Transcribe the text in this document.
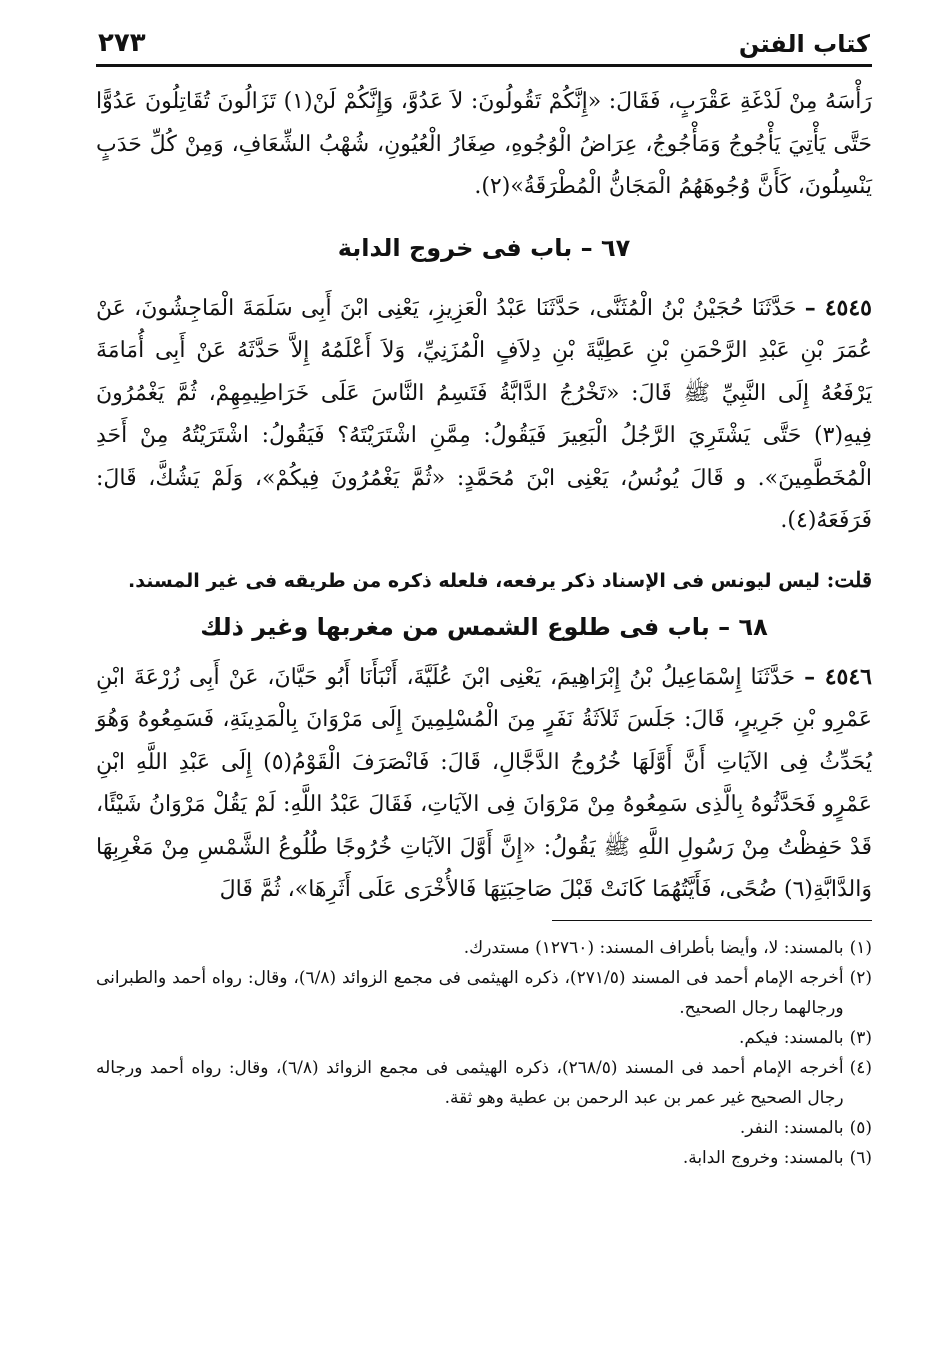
كتاب الفتن
٢٧٣

رَأْسَهُ مِنْ لَدْغَةِ عَقْرَبٍ، فَقَالَ: «إِنَّكُمْ تَقُولُونَ: لاَ عَدُوَّ، وَإِنَّكُمْ لَنْ(١) تَزَالُونَ تُقَاتِلُونَ عَدُوًّا حَتَّى يَأْتِيَ يَأْجُوجُ وَمَأْجُوجُ، عِرَاضُ الْوُجُوهِ، صِغَارُ الْعُيُونِ، شُهْبُ الشِّعَافِ، وَمِنْ كُلِّ حَدَبٍ يَنْسِلُونَ، كَأَنَّ وُجُوهَهُمُ الْمَجَانُّ الْمُطْرَقَةُ»(٢).

٦٧ – باب فى خروج الدابة

٤٥٤٥ – حَدَّثَنَا حُجَيْنُ بْنُ الْمُثَنَّى، حَدَّثَنَا عَبْدُ الْعَزِيزِ، يَعْنِى ابْنَ أَبِى سَلَمَةَ الْمَاجِشُونَ، عَنْ عُمَرَ بْنِ عَبْدِ الرَّحْمَنِ بْنِ عَطِيَّةَ بْنِ دِلاَفٍ الْمُزَنِيِّ، وَلاَ أَعْلَمُهُ إِلاَّ حَدَّثَهُ عَنْ أَبِى أُمَامَةَ يَرْفَعُهُ إِلَى النَّبِيِّ ﷺ قَالَ: «تَخْرُجُ الدَّابَّةُ فَتَسِمُ النَّاسَ عَلَى خَرَاطِيمِهِمْ، ثُمَّ يَغْمُرُونَ فِيهِ(٣) حَتَّى يَشْتَرِيَ الرَّجُلُ الْبَعِيرَ فَيَقُولُ: مِمَّنِ اشْتَرَيْتَهُ؟ فَيَقُولُ: اشْتَرَيْتُهُ مِنْ أَحَدِ الْمُخَطَّمِينَ». و قَالَ يُونُسُ، يَعْنِى ابْنَ مُحَمَّدٍ: «ثُمَّ يَغْمُرُونَ فِيكُمْ»، وَلَمْ يَشُكَّ، قَالَ: فَرَفَعَهُ(٤).

قلت: ليس ليونس فى الإسناد ذكر يرفعه، فلعله ذكره من طريقه فى غير المسند.

٦٨ – باب فى طلوع الشمس من مغربها وغير ذلك

٤٥٤٦ – حَدَّثَنَا إِسْمَاعِيلُ بْنُ إِبْرَاهِيمَ، يَعْنِى ابْنَ عُلَيَّةَ، أَنْبَأَنَا أَبُو حَيَّانَ، عَنْ أَبِى زُرْعَةَ ابْنِ عَمْرِو بْنِ جَرِيرٍ، قَالَ: جَلَسَ ثَلاَثَةُ نَفَرٍ مِنَ الْمُسْلِمِينَ إِلَى مَرْوَانَ بِالْمَدِينَةِ، فَسَمِعُوهُ وَهُوَ يُحَدِّثُ فِى الآيَاتِ أَنَّ أَوَّلَهَا خُرُوجُ الدَّجَّالِ، قَالَ: فَانْصَرَفَ الْقَوْمُ(٥) إِلَى عَبْدِ اللَّهِ ابْنِ عَمْرٍو فَحَدَّثُوهُ بِالَّذِى سَمِعُوهُ مِنْ مَرْوَانَ فِى الآيَاتِ، فَقَالَ عَبْدُ اللَّهِ: لَمْ يَقُلْ مَرْوَانُ شَيْئًا، قَدْ حَفِظْتُ مِنْ رَسُولِ اللَّهِ ﷺ يَقُولُ: «إِنَّ أَوَّلَ الآيَاتِ خُرُوجًا طُلُوعُ الشَّمْسِ مِنْ مَغْرِبِهَا وَالدَّابَّةِ(٦) ضُحًى، فَأَيَّتُهُمَا كَانَتْ قَبْلَ صَاحِبَتِهَا فَالأُخْرَى عَلَى أَثَرِهَا»، ثُمَّ قَالَ

(١)
بالمسند: لا، وأيضا بأطراف المسند: (١٢٧٦٠) مستدرك.
(٢)
أخرجه الإمام أحمد فى المسند (٢٧١/٥)، ذكره الهيثمى فى مجمع الزوائد (٦/٨)، وقال: رواه أحمد والطبرانى ورجالهما رجال الصحيح.
(٣)
بالمسند: فيكم.
(٤)
أخرجه الإمام أحمد فى المسند (٢٦٨/٥)، ذكره الهيثمى فى مجمع الزوائد (٦/٨)، وقال: رواه أحمد ورجاله رجال الصحيح غير عمر بن عبد الرحمن بن عطية وهو ثقة.
(٥)
بالمسند: النفر.
(٦)
بالمسند: وخروج الدابة.
